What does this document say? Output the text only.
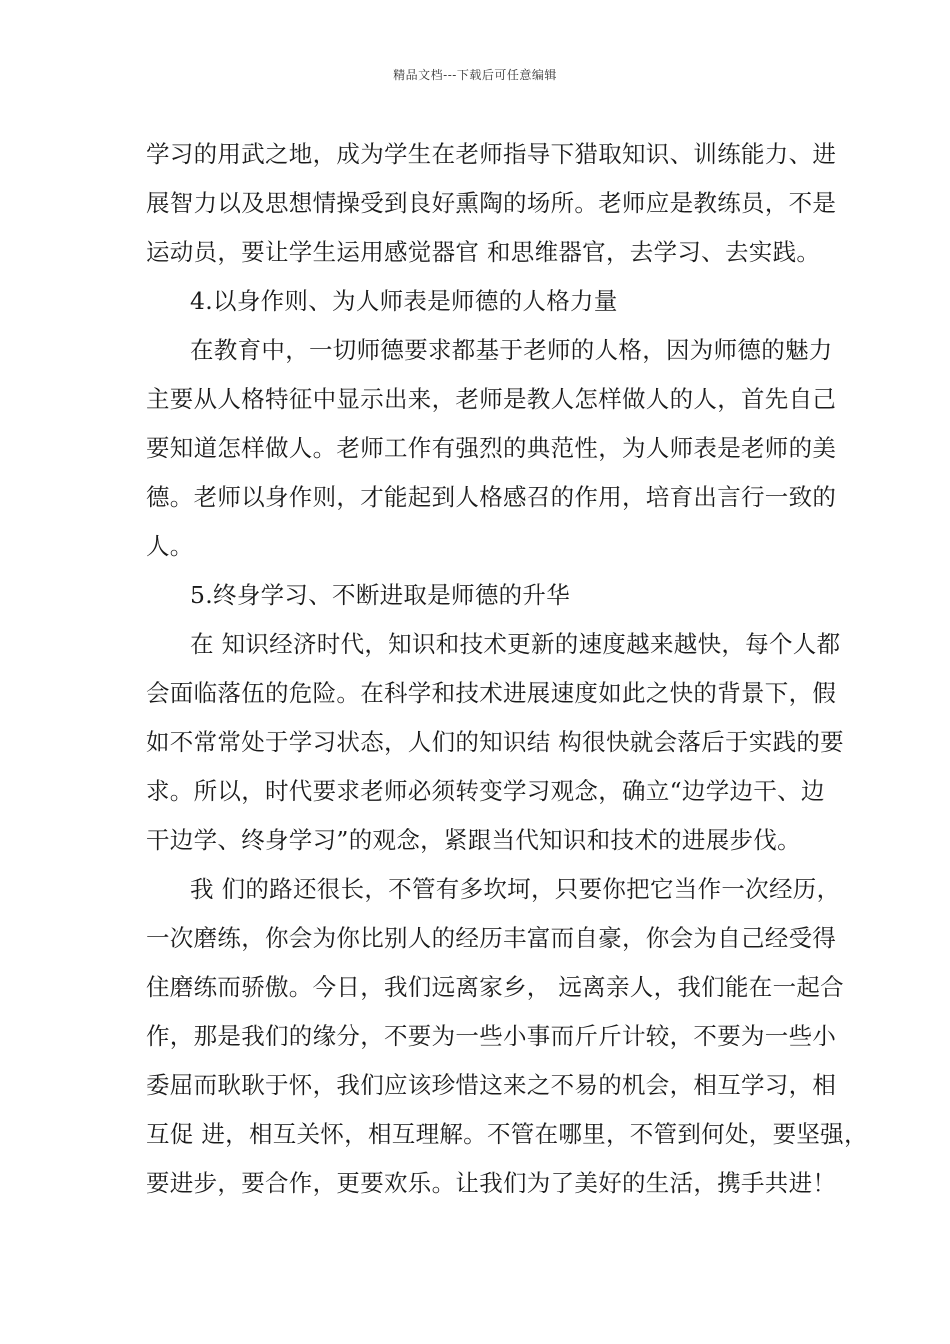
精品文档---下载后可任意编辑
学习的用武之地，成为学生在老师指导下猎取知识、训练能力、进
展智力以及思想情操受到良好熏陶的场所。老师应是教练员，不是
运动员，要让学生运用感觉器官 和思维器官，去学习、去实践。
4.以身作则、为人师表是师德的人格力量
在教育中，一切师德要求都基于老师的人格，因为师德的魅力
主要从人格特征中显示出来，老师是教人怎样做人的人，首先自己
要知道怎样做人。老师工作有强烈的典范性，为人师表是老师的美
德。老师以身作则，才能起到人格感召的作用，培育出言行一致的
人。
5.终身学习、不断进取是师德的升华
在 知识经济时代，知识和技术更新的速度越来越快，每个人都
会面临落伍的危险。在科学和技术进展速度如此之快的背景下，假
如不常常处于学习状态，人们的知识结 构很快就会落后于实践的要
求。所以，时代要求老师必须转变学习观念，确立“边学边干、边
干边学、终身学习”的观念，紧跟当代知识和技术的进展步伐。
我 们的路还很长，不管有多坎坷，只要你把它当作一次经历，
一次磨练，你会为你比别人的经历丰富而自豪，你会为自己经受得
住磨练而骄傲。今日，我们远离家乡， 远离亲人，我们能在一起合
作，那是我们的缘分，不要为一些小事而斤斤计较，不要为一些小
委屈而耿耿于怀，我们应该珍惜这来之不易的机会，相互学习，相
互促 进，相互关怀，相互理解。不管在哪里，不管到何处，要坚强，
要进步，要合作，更要欢乐。让我们为了美好的生活，携手共进！
